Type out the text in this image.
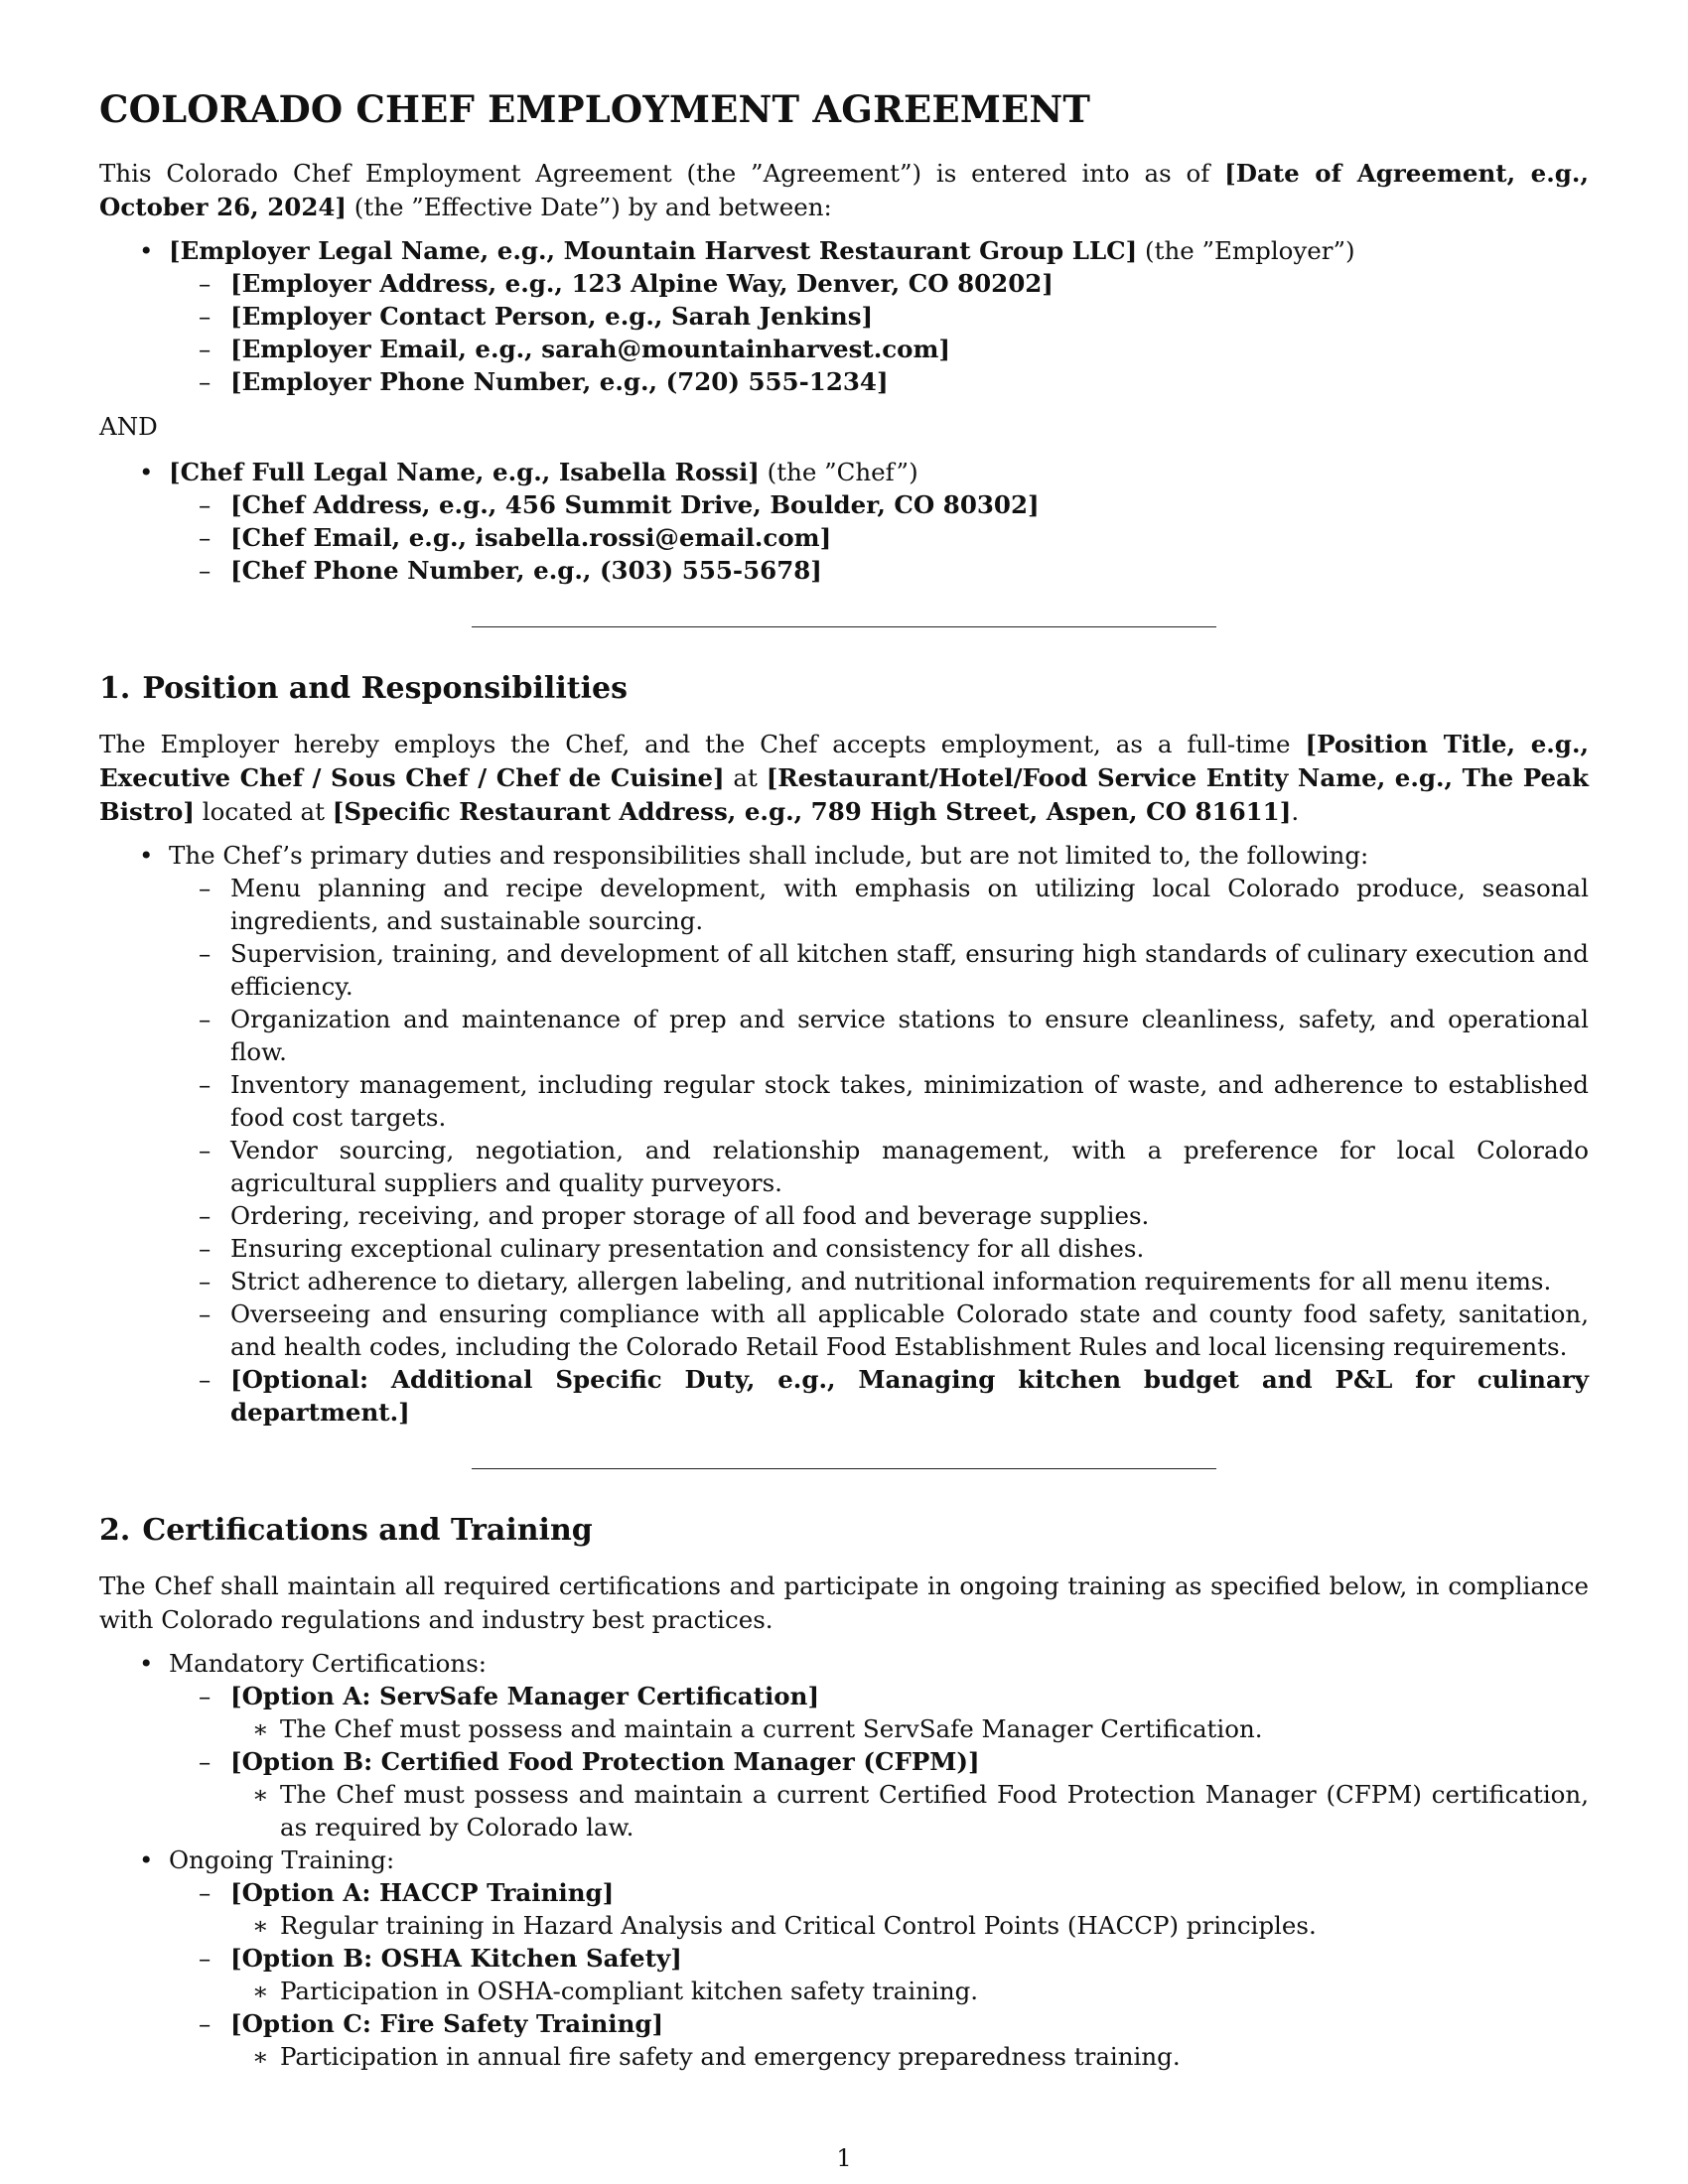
COLORADO CHEF EMPLOYMENT AGREEMENT

This Colorado Chef Employment Agreement (the ”Agreement”) is entered into as of [Date of Agreement, e.g., October 26, 2024] (the ”Effective Date”) by and between:

• [Employer Legal Name, e.g., Mountain Harvest Restaurant Group LLC] (the ”Employer”)
– [Employer Address, e.g., 123 Alpine Way, Denver, CO 80202]
– [Employer Contact Person, e.g., Sarah Jenkins]
– [Employer Email, e.g., sarah@mountainharvest.com]
– [Employer Phone Number, e.g., (720) 555-1234]

AND

• [Chef Full Legal Name, e.g., Isabella Rossi] (the ”Chef”)
– [Chef Address, e.g., 456 Summit Drive, Boulder, CO 80302]
– [Chef Email, e.g., isabella.rossi@email.com]
– [Chef Phone Number, e.g., (303) 555-5678]
1. Position and Responsibilities

The Employer hereby employs the Chef, and the Chef accepts employment, as a full-time [Position Title, e.g., Executive Chef / Sous Chef / Chef de Cuisine] at [Restaurant/Hotel/Food Service Entity Name, e.g., The Peak Bistro] located at [Specific Restaurant Address, e.g., 789 High Street, Aspen, CO 81611].

• The Chef’s primary duties and responsibilities shall include, but are not limited to, the following:
– Menu planning and recipe development, with emphasis on utilizing local Colorado produce, seasonal ingredients, and sustainable sourcing.
– Supervision, training, and development of all kitchen staff, ensuring high standards of culinary execution and efficiency.
– Organization and maintenance of prep and service stations to ensure cleanliness, safety, and operational flow.
– Inventory management, including regular stock takes, minimization of waste, and adherence to established food cost targets.
– Vendor sourcing, negotiation, and relationship management, with a preference for local Colorado agricultural suppliers and quality purveyors.
– Ordering, receiving, and proper storage of all food and beverage supplies.
– Ensuring exceptional culinary presentation and consistency for all dishes.
– Strict adherence to dietary, allergen labeling, and nutritional information requirements for all menu items.
– Overseeing and ensuring compliance with all applicable Colorado state and county food safety, sanitation, and health codes, including the Colorado Retail Food Establishment Rules and local licensing requirements.
– [Optional: Additional Specific Duty, e.g., Managing kitchen budget and P&L for culinary department.]
2. Certifications and Training

The Chef shall maintain all required certifications and participate in ongoing training as specified below, in compliance with Colorado regulations and industry best practices.

• Mandatory Certifications:
– [Option A: ServSafe Manager Certification]
∗ The Chef must possess and maintain a current ServSafe Manager Certification.
– [Option B: Certified Food Protection Manager (CFPM)]
∗ The Chef must possess and maintain a current Certified Food Protection Manager (CFPM) certification, as required by Colorado law.
• Ongoing Training:
– [Option A: HACCP Training]
∗ Regular training in Hazard Analysis and Critical Control Points (HACCP) principles.
– [Option B: OSHA Kitchen Safety]
∗ Participation in OSHA-compliant kitchen safety training.
– [Option C: Fire Safety Training]
∗ Participation in annual fire safety and emergency preparedness training.
1
